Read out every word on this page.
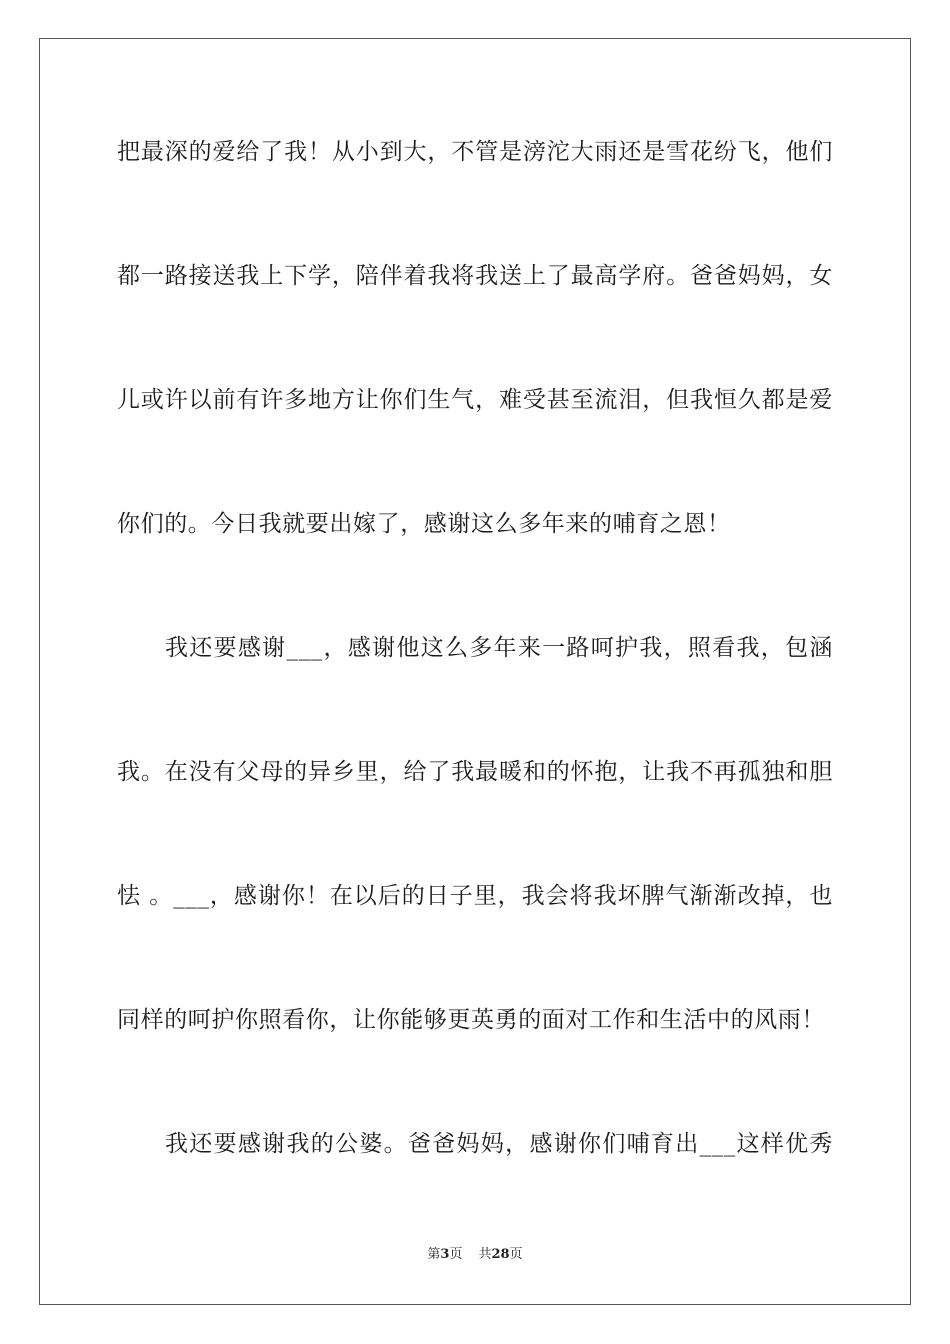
把最深的爱给了我！从小到大，不管是滂沱大雨还是雪花纷飞，他们
都一路接送我上下学，陪伴着我将我送上了最高学府。爸爸妈妈，女
儿或许以前有许多地方让你们生气，难受甚至流泪，但我恒久都是爱
你们的。今日我就要出嫁了，感谢这么多年来的哺育之恩！
我还要感谢___，感谢他这么多年来一路呵护我，照看我，包涵
我。在没有父母的异乡里，给了我最暖和的怀抱，让我不再孤独和胆
怯 。___，感谢你！在以后的日子里，我会将我坏脾气渐渐改掉，也
同样的呵护你照看你，让你能够更英勇的面对工作和生活中的风雨！
我还要感谢我的公婆。爸爸妈妈，感谢你们哺育出___这样优秀
第3页 共28页
